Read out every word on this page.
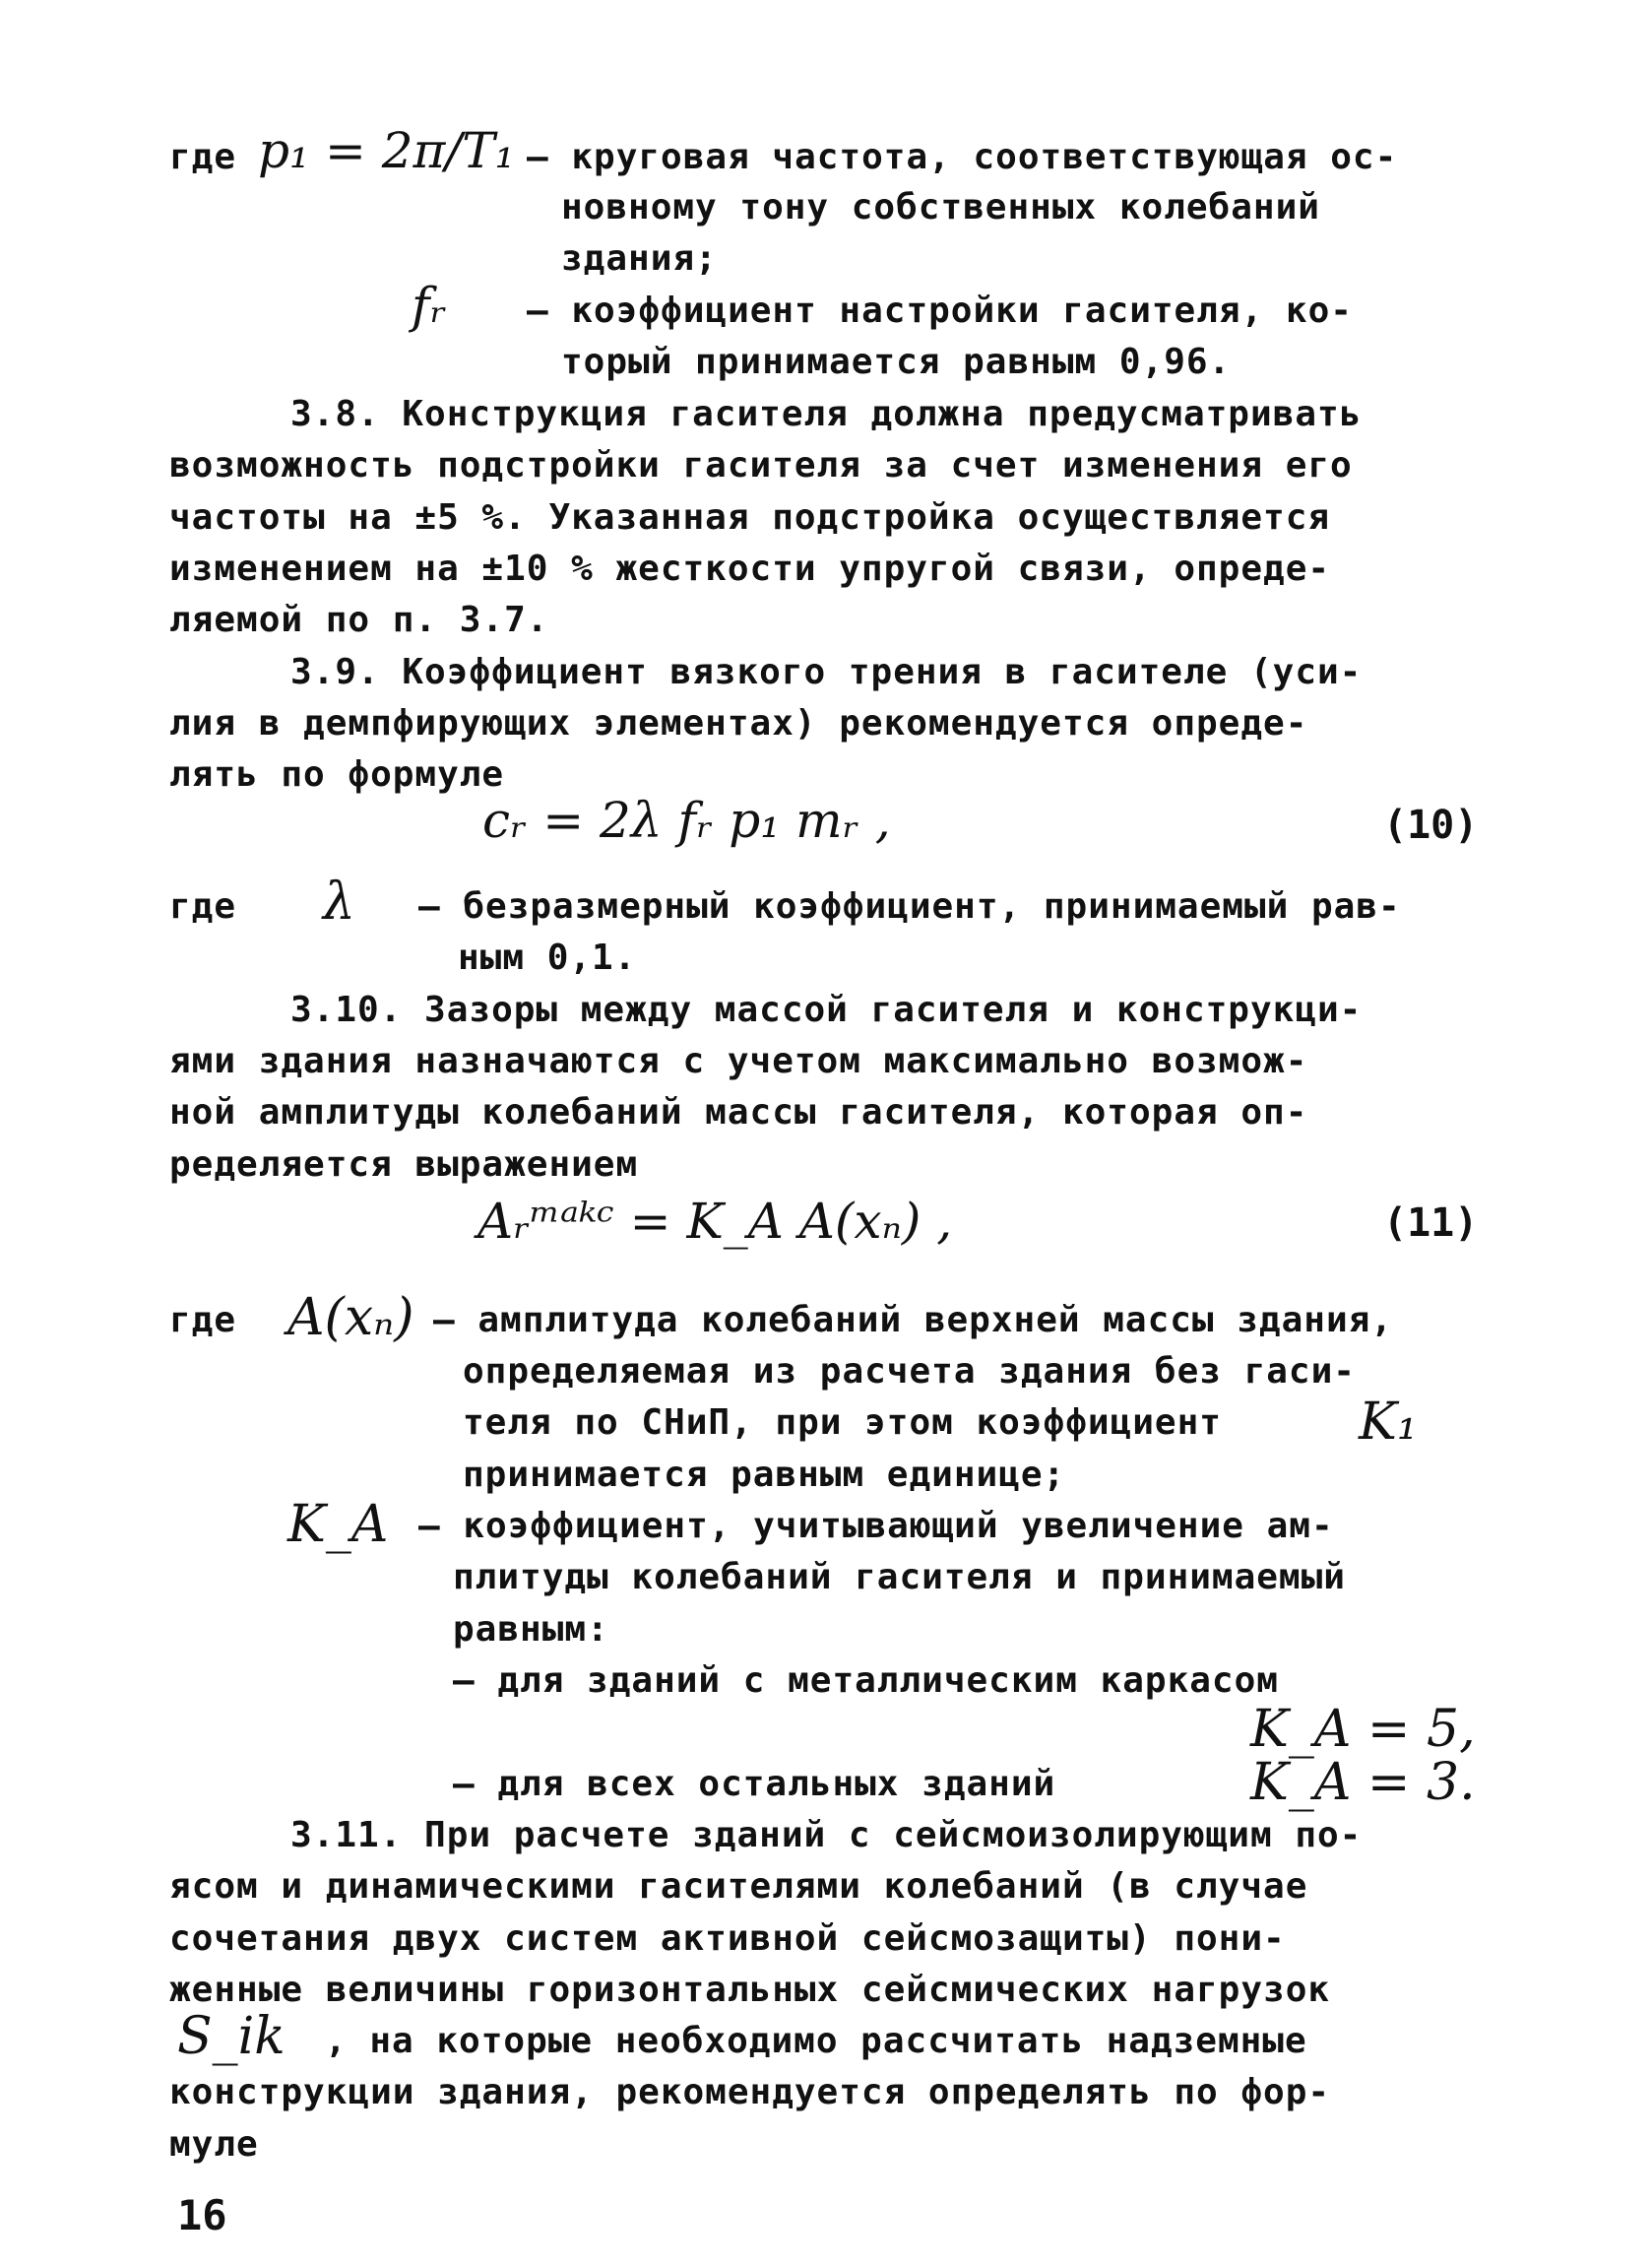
где p₁ = 2π/T₁ – круговая частота, соответствующая ос-
новному тону собственных колебаний
здания;
fᵣ – коэффициент настройки гасителя, ко-
торый принимается равным 0,96.
3.8. Конструкция гасителя должна предусматривать
возможность подстройки гасителя за счет изменения его
частоты на ±5 %. Указанная подстройка осуществляется
изменением на ±10 % жесткости упругой связи, опреде-
ляемой по п. 3.7.
3.9. Коэффициент вязкого трения в гасителе (уси-
лия в демпфирующих элементах) рекомендуется опреде-
лять по формуле
cᵣ = 2λ fᵣ p₁ mᵣ ,	(10)
где λ – безразмерный коэффициент, принимаемый рав-
ным 0,1.
3.10. Зазоры между массой гасителя и конструкци-
ями здания назначаются с учетом максимально возмож-
ной амплитуды колебаний массы гасителя, которая оп-
ределяется выражением
Aᵣᵐᵃᵏᶜ = K_A A(xₙ) ,	(11)
где A(xₙ) – амплитуда колебаний верхней массы здания,
определяемая из расчета здания без гаси-
теля по СНиП, при этом коэффициент	K₁
принимается равным единице;
K_A – коэффициент, учитывающий увеличение ам-
плитуды колебаний гасителя и принимаемый
равным:
– для зданий с металлическим каркасом
K_A = 5,
– для всех остальных зданий	K_A = 3.
3.11. При расчете зданий с сейсмоизолирующим по-
ясом и динамическими гасителями колебаний (в случае
сочетания двух систем активной сейсмозащиты) пони-
женные величины горизонтальных сейсмических нагрузок
S_ik , на которые необходимо рассчитать надземные
конструкции здания, рекомендуется определять по фор-
муле
16
